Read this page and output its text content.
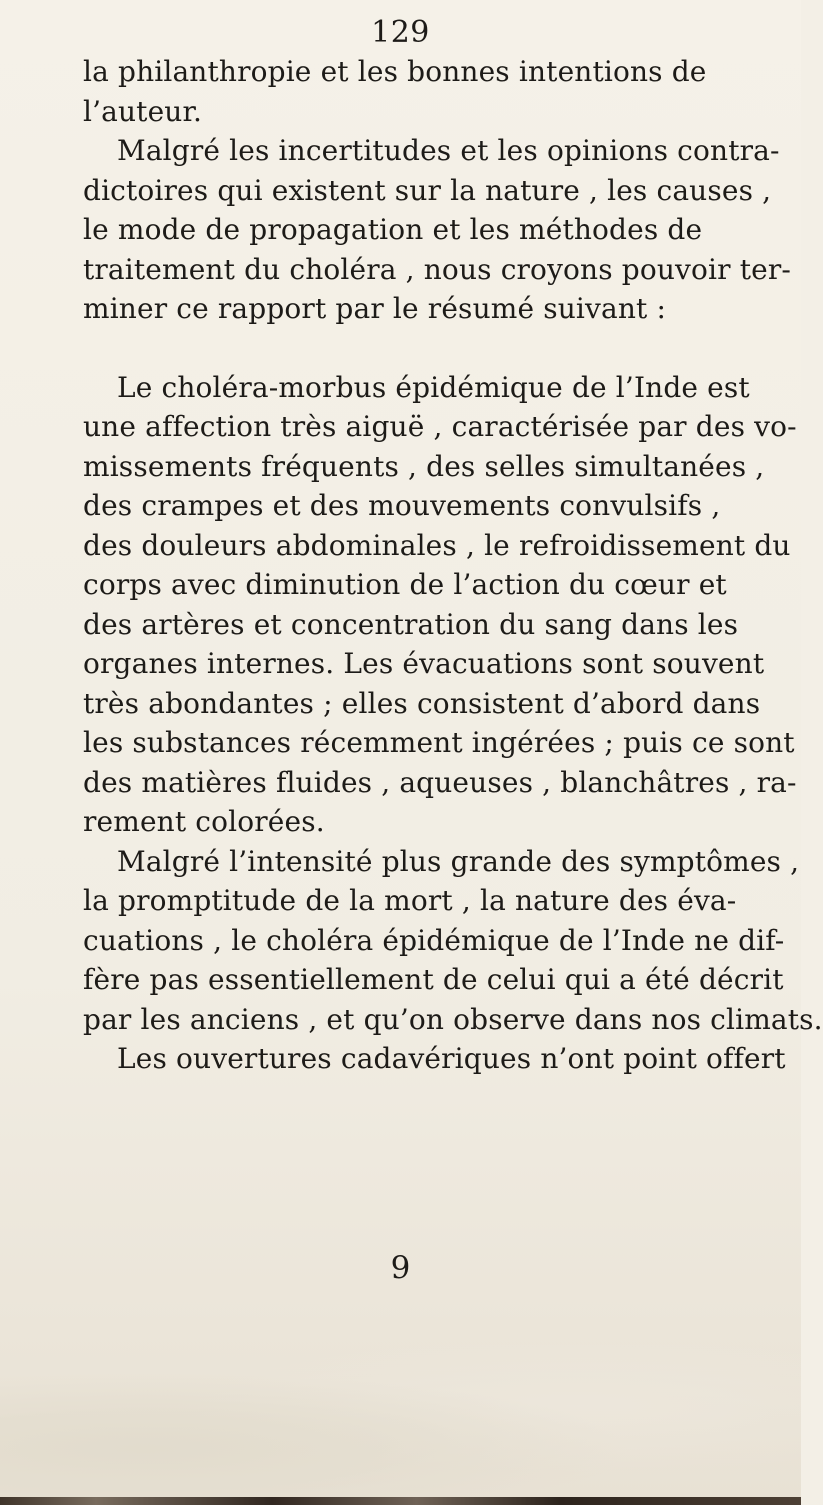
129

la philanthropie et les bonnes intentions de

l’auteur.

Malgré les incertitudes et les opinions contra-

dictoires qui existent sur la nature , les causes ,

le mode de propagation et les méthodes de

traitement du choléra , nous croyons pouvoir ter-

miner ce rapport par le résumé suivant :

Le choléra-morbus épidémique de l’Inde est

une affection très aiguë , caractérisée par des vo-

missements fréquents , des selles simultanées ,

des crampes et des mouvements convulsifs ,

des douleurs abdominales , le refroidissement du

corps avec diminution de l’action du cœur et

des artères et concentration du sang dans les

organes internes. Les évacuations sont souvent

très abondantes ; elles consistent d’abord dans

les substances récemment ingérées ; puis ce sont

des matières fluides , aqueuses , blanchâtres , ra-

rement colorées.

Malgré l’intensité plus grande des symptômes ,

la promptitude de la mort , la nature des éva-

cuations , le choléra épidémique de l’Inde ne dif-

fère pas essentiellement de celui qui a été décrit

par les anciens , et qu’on observe dans nos climats.

Les ouvertures cadavériques n’ont point offert

9
